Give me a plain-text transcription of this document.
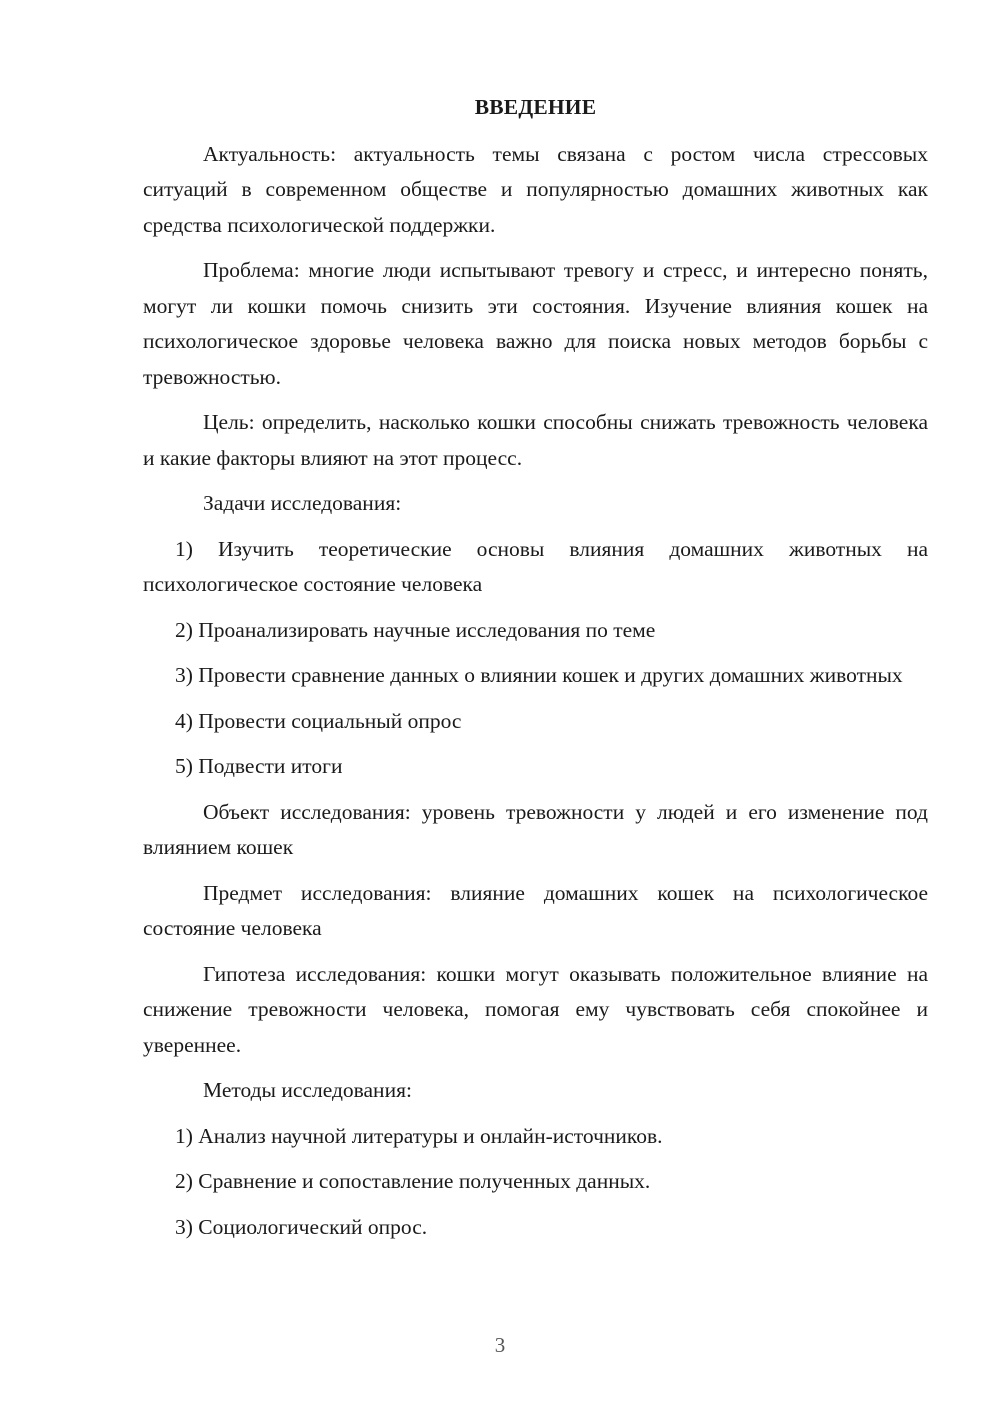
ВВЕДЕНИЕ

Актуальность: актуальность темы связана с ростом числа стрессовых ситуаций в современном обществе и популярностью домашних животных как средства психологической поддержки.

Проблема: многие люди испытывают тревогу и стресс, и интересно понять, могут ли кошки помочь снизить эти состояния. Изучение влияния кошек на психологическое здоровье человека важно для поиска новых методов борьбы с тревожностью.

Цель: определить, насколько кошки способны снижать тревожность человека и какие факторы влияют на этот процесс.

Задачи исследования:

1) Изучить теоретические основы влияния домашних животных на психологическое состояние человека

2) Проанализировать научные исследования по теме

3) Провести сравнение данных о влиянии кошек и других домашних животных

4) Провести социальный опрос

5) Подвести итоги

Объект исследования: уровень тревожности у людей и его изменение под влиянием кошек

Предмет исследования: влияние домашних кошек на психологическое состояние человека

Гипотеза исследования: кошки могут оказывать положительное влияние на снижение тревожности человека, помогая ему чувствовать себя спокойнее и увереннее.

Методы исследования:

1) Анализ научной литературы и онлайн-источников.

2) Сравнение и сопоставление полученных данных.

3) Социологический опрос.

3
